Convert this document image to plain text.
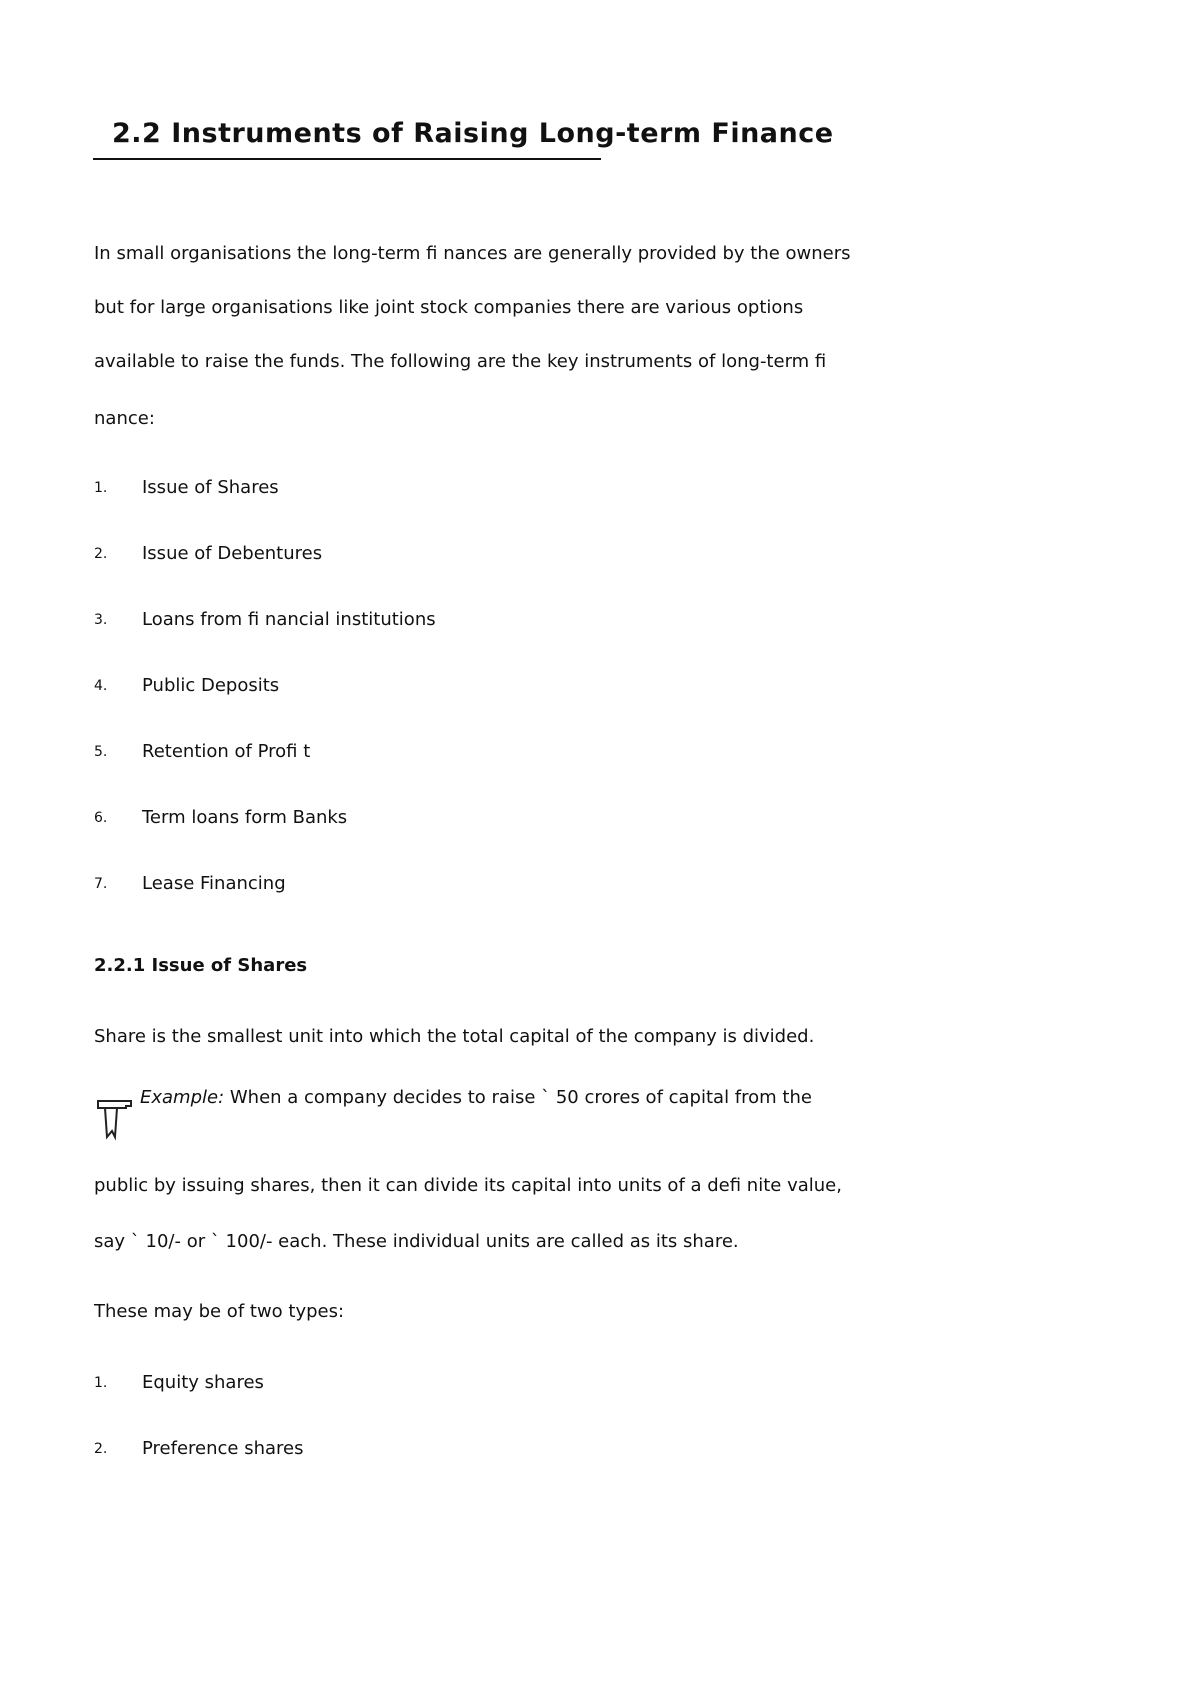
2.2 Instruments of Raising Long-term Finance
In small organisations the long-term fi nances are generally provided by the owners
but for large organisations like joint stock companies there are various options
available to raise the funds. The following are the key instruments of long-term fi
nance:
1. Issue of Shares
2. Issue of Debentures
3. Loans from fi nancial institutions
4. Public Deposits
5. Retention of Profi t
6. Term loans form Banks
7. Lease Financing
2.2.1 Issue of Shares
Share is the smallest unit into which the total capital of the company is divided.
Example: When a company decides to raise ` 50 crores of capital from the
public by issuing shares, then it can divide its capital into units of a defi nite value,
say ` 10/- or ` 100/- each. These individual units are called as its share.
These may be of two types:
1. Equity shares
2. Preference shares
